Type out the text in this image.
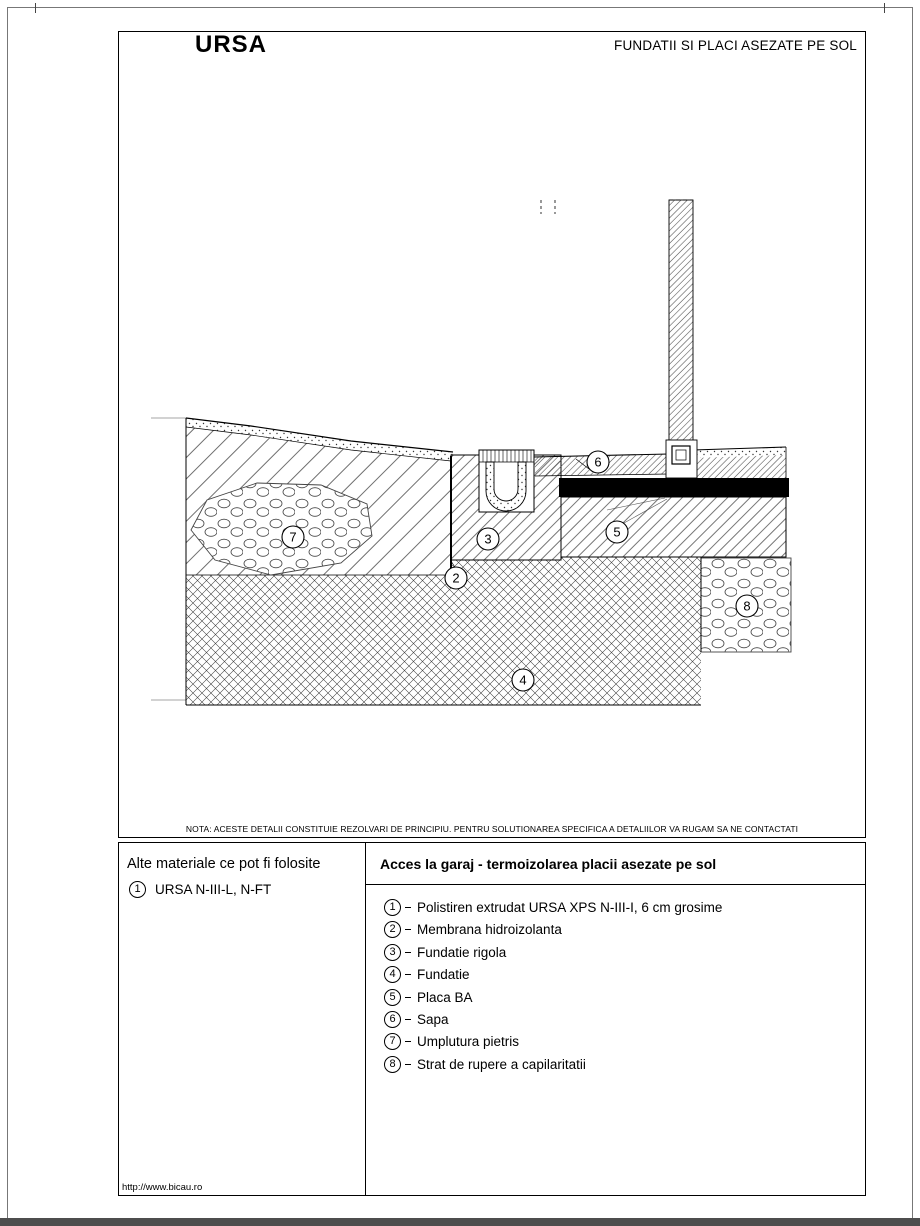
URSA	FUNDATII SI PLACI ASEZATE PE SOL
2
3
4
5
6
7
8
NOTA: ACESTE DETALII CONSTITUIE REZOLVARI DE PRINCIPIU. PENTRU SOLUTIONAREA SPECIFICA A DETALIILOR VA RUGAM SA NE CONTACTATI
Alte materiale ce pot fi folosite
1	URSA N-III-L, N-FT
http://www.bicau.ro
Acces la garaj - termoizolarea placii asezate pe sol
1	Polistiren extrudat URSA XPS N-III-I, 6 cm grosime
2	Membrana hidroizolanta
3	Fundatie rigola
4	Fundatie
5	Placa BA
6	Sapa
7	Umplutura pietris
8	Strat de rupere a capilaritatii
